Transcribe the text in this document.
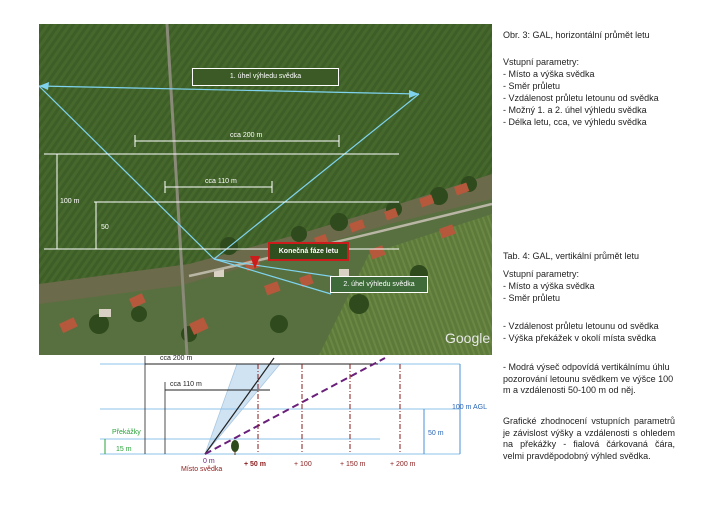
1. úhel výhledu svědka
cca 200 m
cca 110 m
100 m
50
Konečná fáze letu
2. úhel výhledu svědka
Google
Obr. 3: GAL, horizontální průmět letu
Vstupní parametry:
- Místo a výška svědka
- Směr průletu
- Vzdálenost průletu letounu od svědka
- Možný 1. a 2. úhel výhledu svědka
- Délka letu, cca, ve výhledu svědka
Tab. 4: GAL, vertikální průmět letu
Vstupní parametry:
- Místo a výška svědka
- Směr průletu
- Vzdálenost průletu letounu od svědka
- Výška překážek v okolí místa svědka
- Modrá výseč odpovídá vertikálnímu úhlu pozorování letounu svědkem ve výšce 100 m a vzdálenosti 50-100 m od něj.
Grafické zhodnocení vstupních parametrů je závislost výšky a vzdálenosti s ohledem na překážky - fialová čárkovaná čára, velmi pravděpodobný výhled svědka.
cca 200 m
cca 110 m
100 m AGL
50 m
Překážky
15 m
0 m
Místo svědka
+ 50 m	+ 100	+ 150 m	+ 200 m
